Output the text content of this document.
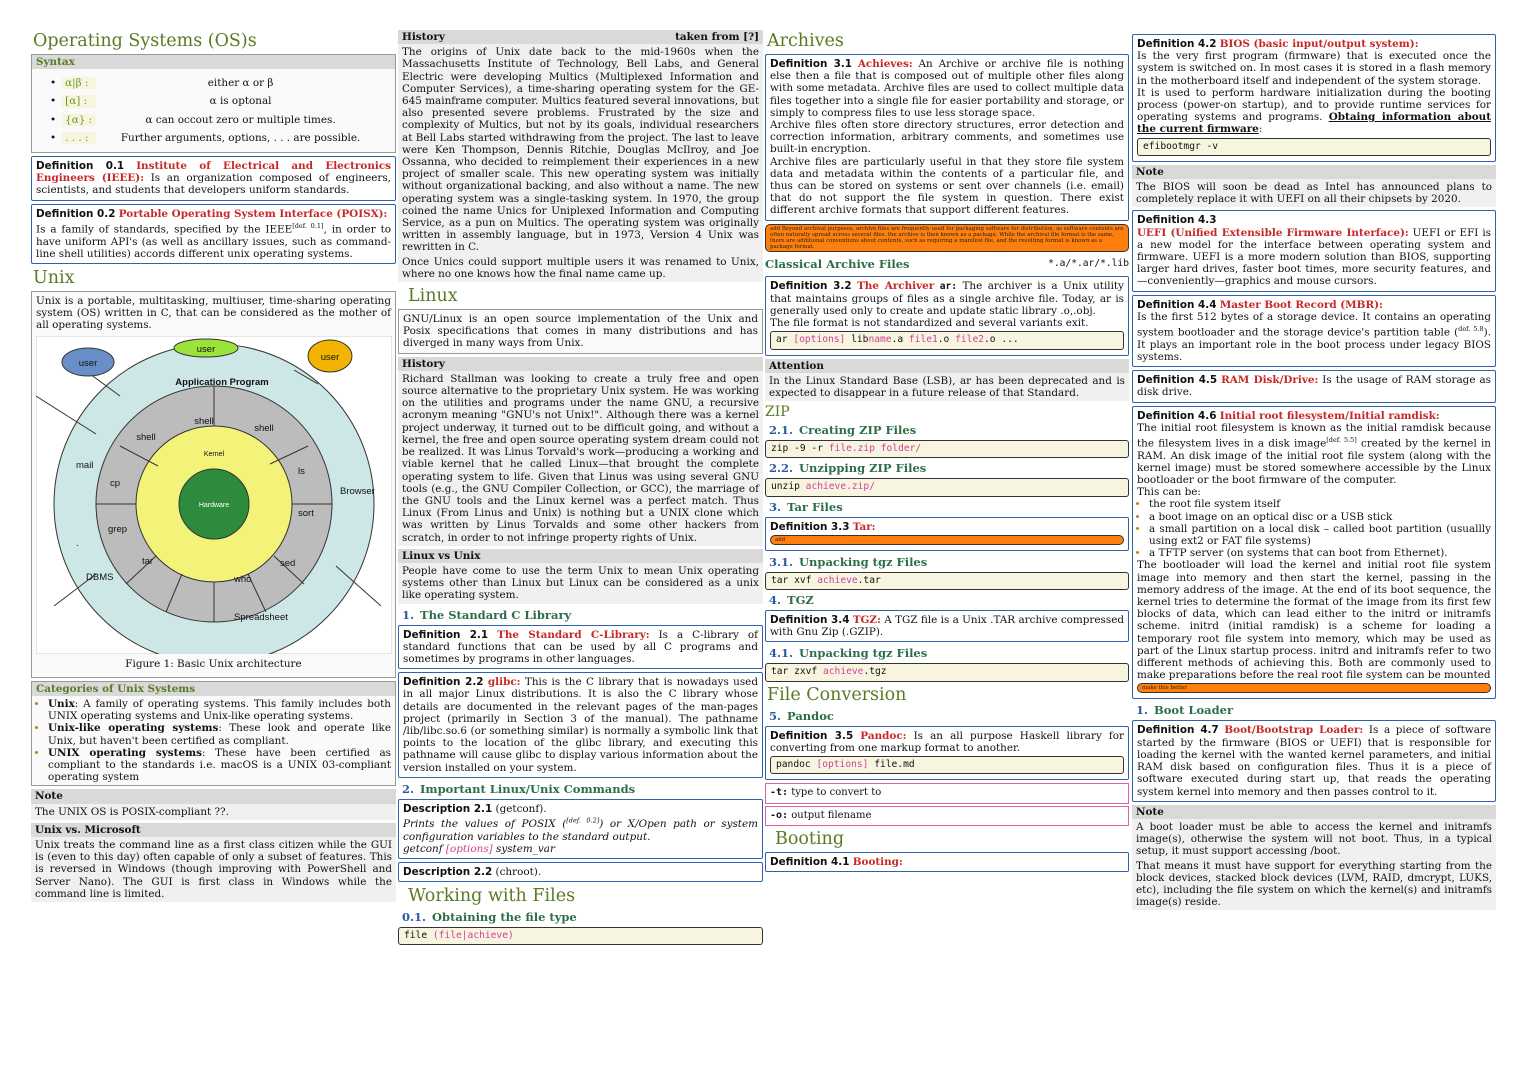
Operating Systems (OS)s
Syntax
• α|β :	either α or β
• [α] :	α is optonal
• {α} :	α can occout zero or multiple times.
• . . . :	Further arguments, options, . . . are possible.
Definition 0.1 Institute of Electrical and Electronics Engineers (IEEE): Is an organization composed of engineers, scientists, and students that developers uniform standards.
Definition 0.2 Portable Operating System Interface (POISX):
Is a family of standards, specified by the IEEE[def. 0.1], in order to have uniform API's (as well as ancillary issues, such as command-line shell utilities) accords different unix operating systems.
Unix

Unix is a portable, multitasking, multiuser, time-sharing operating system (OS) written in C, that can be considered as the mother of all operating systems.

user
user
user
Application Program
shell
shell
shell
mail
cp
grep
tar
who
sed
sort
ls
Browser
DBMS
Spreadsheet
.
Kernel
Hardware
Figure 1: Basic Unix architecture
Categories of Unix Systems
• Unix: A family of operating systems. This family includes both UNIX operating systems and Unix-like operating systems.
• Unix-like operating systems: These look and operate like Unix, but haven't been certified as compliant.
• UNIX operating systems: These have been certified as compliant to the standards i.e. macOS is a UNIX 03-compliant operating system
Note
The UNIX OS is POSIX-compliant ??.
Unix vs. Microsoft
Unix treats the command line as a first class citizen while the GUI is (even to this day) often capable of only a subset of features. This is reversed in Windows (though improving with PowerShell and Server Nano). The GUI is first class in Windows while the command line is limited.
History	taken from [?]
The origins of Unix date back to the mid-1960s when the Massachusetts Institute of Technology, Bell Labs, and General Electric were developing Multics (Multiplexed Information and Computer Services), a time-sharing operating system for the GE-645 mainframe computer. Multics featured several innovations, but also presented severe problems. Frustrated by the size and complexity of Multics, but not by its goals, individual researchers at Bell Labs started withdrawing from the project. The last to leave were Ken Thompson, Dennis Ritchie, Douglas McIlroy, and Joe Ossanna, who decided to reimplement their experiences in a new project of smaller scale. This new operating system was initially without organizational backing, and also without a name. The new operating system was a single-tasking system. In 1970, the group coined the name Unics for Uniplexed Information and Computing Service, as a pun on Multics. The operating system was originally written in assembly language, but in 1973, Version 4 Unix was rewritten in C.
Once Unics could support multiple users it was renamed to Unix, where no one knows how the final name came up.
Linux

GNU/Linux is an open source implementation of the Unix and Posix specifications that comes in many distributions and has diverged in many ways from Unix.

History
Richard Stallman was looking to create a truly free and open source alternative to the proprietary Unix system. He was working on the utilities and programs under the name GNU, a recursive acronym meaning "GNU's not Unix!". Although there was a kernel project underway, it turned out to be difficult going, and without a kernel, the free and open source operating system dream could not be realized. It was Linus Torvald's work—producing a working and viable kernel that he called Linux—that brought the complete operating system to life. Given that Linus was using several GNU tools (e.g., the GNU Compiler Collection, or GCC), the marriage of the GNU tools and the Linux kernel was a perfect match. Thus Linux (From Linus and Unix) is nothing but a UNIX clone which was written by Linus Torvalds and some other hackers from scratch, in order to not infringe property rights of Unix.
Linux vs Unix
People have come to use the term Unix to mean Unix operating systems other than Linux but Linux can be considered as a unix like operating system.
1. The Standard C Library
Definition 2.1 The Standard C-Library: Is a C-library of standard functions that can be used by all C programs and sometimes by programs in other languages.
Definition 2.2 glibc: This is the C library that is nowadays used in all major Linux distributions. It is also the C library whose details are documented in the relevant pages of the man-pages project (primarily in Section 3 of the manual). The pathname /lib/libc.so.6 (or something similar) is normally a symbolic link that points to the location of the glibc library, and executing this pathname will cause glibc to display various information about the version installed on your system.
2. Important Linux/Unix Commands
Description 2.1 (getconf).
Prints the values of POSIX ([def. 0.2]) or X/Open path or system configuration variables to the standard output.
getconf [options] system_var
Description 2.2 (chroot).
Working with Files
0.1. Obtaining the file type
file (file|achieve)
Archives
Definition 3.1 Achieves: An Archive or archive file is nothing else then a file that is composed out of multiple other files along with some metadata. Archive files are used to collect multiple data files together into a single file for easier portability and storage, or simply to compress files to use less storage space.
Archive files often store directory structures, error detection and correction information, arbitrary comments, and sometimes use built-in encryption.
Archive files are particularly useful in that they store file system data and metadata within the contents of a particular file, and thus can be stored on systems or sent over channels (i.e. email) that do not support the file system in question. There exist different archive formats that support different features.
add Beyond archival purposes, archive files are frequently used for packaging software for distribution, as software contents are often naturally spread across several files. the archive is then known as a package. While the archival file format is the same, there are additional conventions about contents, such as requiring a manifest file, and the resulting format is known as a package format.
Classical Archive Files	*.a/*.ar/*.lib
Definition 3.2 The Archiver ar: The archiver is a Unix utility that maintains groups of files as a single archive file. Today, ar is generally used only to create and update static library .o,.obj.
The file format is not standardized and several variants exit.
ar [options] libname.a file1.o file2.o ...
Attention
In the Linux Standard Base (LSB), ar has been deprecated and is expected to disappear in a future release of that Standard.
ZIP
2.1. Creating ZIP Files
zip -9 -r file.zip folder/
2.2. Unzipping ZIP Files
unzip achieve.zip/
3. Tar Files
Definition 3.3 Tar:
add
3.1. Unpacking tgz Files
tar xvf achieve.tar
4. TGZ
Definition 3.4 TGZ: A TGZ file is a Unix .TAR archive compressed with Gnu Zip (.GZIP).
4.1. Unpacking tgz Files
tar zxvf achieve.tgz
File Conversion
5. Pandoc
Definition 3.5 Pandoc: Is an all purpose Haskell library for converting from one markup format to another.
pandoc [options] file.md
-t: type to convert to
-o: output filename
Booting
Definition 4.1 Booting:
Definition 4.2 BIOS (basic input/output system):
Is the very first program (firmware) that is executed once the system is switched on. In most cases it is stored in a flash memory in the motherboard itself and independent of the system storage.
It is used to perform hardware initialization during the booting process (power-on startup), and to provide runtime services for operating systems and programs. Obtaing information about the current firmware:
efibootmgr -v
Note
The BIOS will soon be dead as Intel has announced plans to completely replace it with UEFI on all their chipsets by 2020.
Definition 4.3
UEFI (Unified Extensible Firmware Interface): UEFI or EFI is a new model for the interface between operating system and firmware. UEFI is a more modern solution than BIOS, supporting larger hard drives, faster boot times, more security features, and—conveniently—graphics and mouse cursors.
Definition 4.4 Master Boot Record (MBR):
Is the first 512 bytes of a storage device. It contains an operating system bootloader and the storage device's partition table ($^{def. 5.8}$). It plays an important role in the boot process under legacy BIOS systems.
Definition 4.5 RAM Disk/Drive: Is the usage of RAM storage as disk drive.
Definition 4.6 Initial root filesystem/Initial ramdisk:
The initial root filesystem is known as the initial ramdisk because the filesystem lives in a disk image[def. 5.5] created by the kernel in RAM. An disk image of the initial root file system (along with the kernel image) must be stored somewhere accessible by the Linux bootloader or the boot firmware of the computer.
This can be:
• the root file system itself
• a boot image on an optical disc or a USB stick
• a small partition on a local disk – called boot partition (usuallly using ext2 or FAT file systems)
• a TFTP server (on systems that can boot from Ethernet).
The bootloader will load the kernel and initial root file system image into memory and then start the kernel, passing in the memory address of the image. At the end of its boot sequence, the kernel tries to determine the format of the image from its first few blocks of data, which can lead either to the initrd or initramfs scheme. initrd (initial ramdisk) is a scheme for loading a temporary root file system into memory, which may be used as part of the Linux startup process. initrd and initramfs refer to two different methods of achieving this. Both are commonly used to make preparations before the real root file system can be mounted
make this better
1. Boot Loader
Definition 4.7 Boot/Bootstrap Loader: Is a piece of software started by the firmware (BIOS or UEFI) that is responsible for loading the kernel with the wanted kernel parameters, and initial RAM disk based on configuration files. Thus it is a piece of software executed during start up, that reads the operating system kernel into memory and then passes control to it.
Note
A boot loader must be able to access the kernel and initramfs image(s), otherwise the system will not boot. Thus, in a typical setup, it must support accessing /boot.
That means it must have support for everything starting from the block devices, stacked block devices (LVM, RAID, dmcrypt, LUKS, etc), including the file system on which the kernel(s) and initramfs image(s) reside.
